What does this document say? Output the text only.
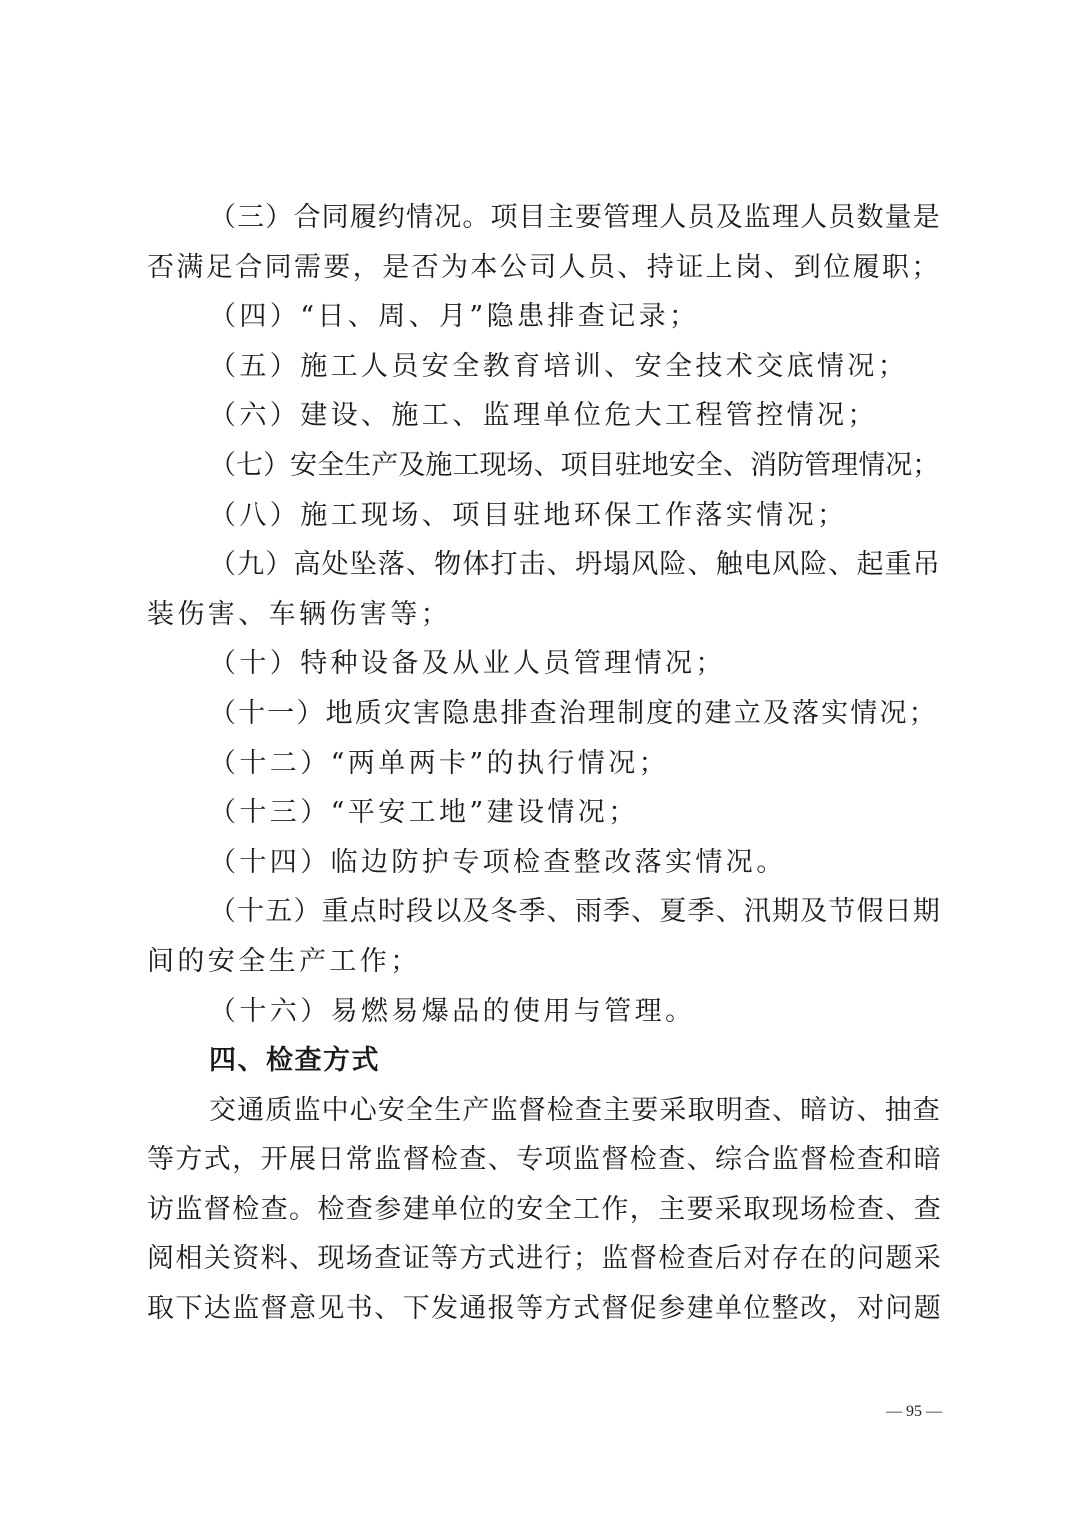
（三）合同履约情况。项目主要管理人员及监理人员数量是
否满足合同需要，是否为本公司人员、持证上岗、到位履职；
（四）“日、周、月”隐患排查记录；
（五）施工人员安全教育培训、安全技术交底情况；
（六）建设、施工、监理单位危大工程管控情况；
（七）安全生产及施工现场、项目驻地安全、消防管理情况；
（八）施工现场、项目驻地环保工作落实情况；
（九）高处坠落、物体打击、坍塌风险、触电风险、起重吊
装伤害、车辆伤害等；
（十）特种设备及从业人员管理情况；
（十一）地质灾害隐患排查治理制度的建立及落实情况；
（十二）“两单两卡”的执行情况；
（十三）“平安工地”建设情况；
（十四）临边防护专项检查整改落实情况。
（十五）重点时段以及冬季、雨季、夏季、汛期及节假日期
间的安全生产工作；
（十六）易燃易爆品的使用与管理。
四、检查方式
交通质监中心安全生产监督检查主要采取明查、暗访、抽查
等方式，开展日常监督检查、专项监督检查、综合监督检查和暗
访监督检查。检查参建单位的安全工作，主要采取现场检查、查
阅相关资料、现场查证等方式进行；监督检查后对存在的问题采
取下达监督意见书、下发通报等方式督促参建单位整改，对问题
— 95 —
